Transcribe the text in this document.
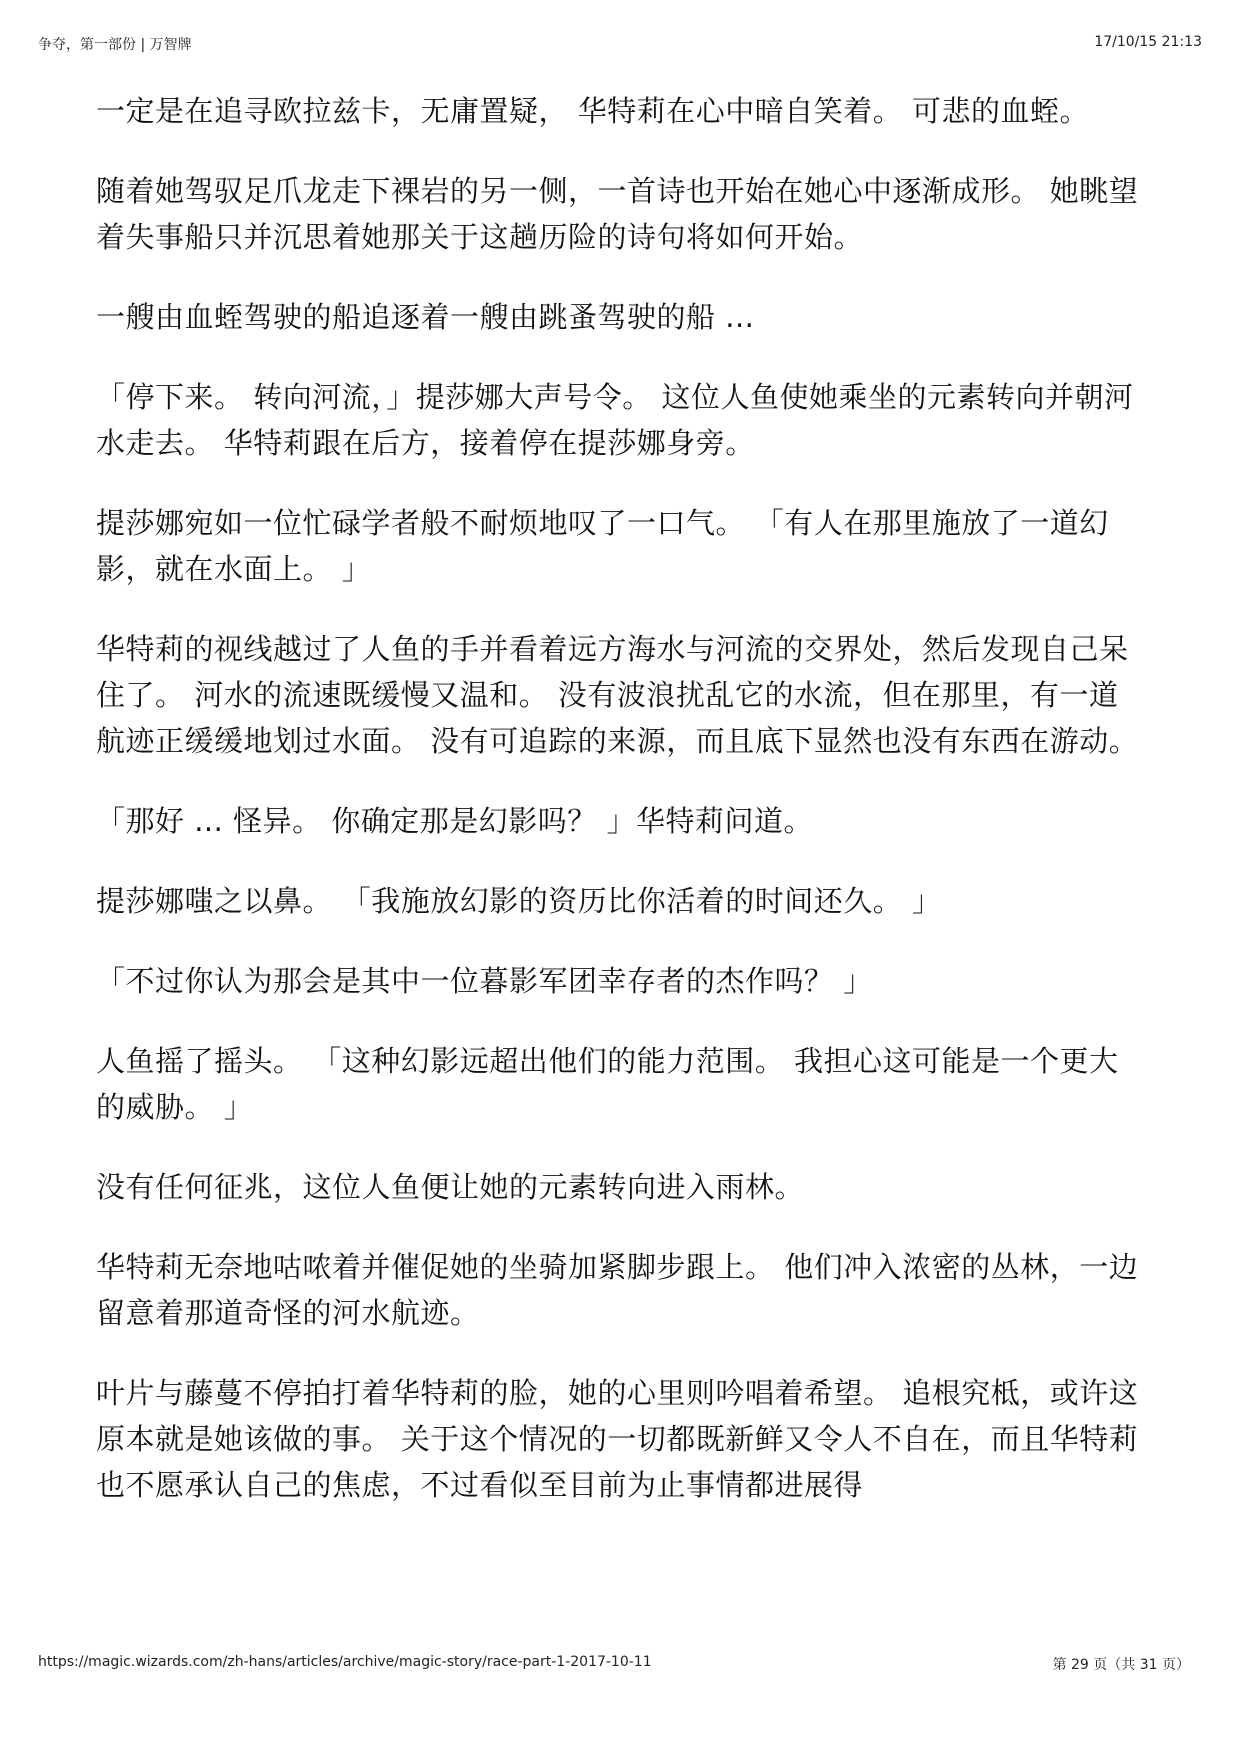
争夺，第一部份 | 万智牌	17/10/15 21:13

一定是在追寻欧拉兹卡，无庸置疑， 华特莉在心中暗自笑着。 可悲的血蛭。

随着她驾驭足爪龙走下裸岩的另一侧，一首诗也开始在她心中逐渐成形。 她眺望着失事船只并沉思着她那关于这趟历险的诗句将如何开始。

一艘由血蛭驾驶的船追逐着一艘由跳蚤驾驶的船 ...

「停下来。 转向河流，」提莎娜大声号令。 这位人鱼使她乘坐的元素转向并朝河水走去。 华特莉跟在后方，接着停在提莎娜身旁。

提莎娜宛如一位忙碌学者般不耐烦地叹了一口气。 「有人在那里施放了一道幻影，就在水面上。 」

华特莉的视线越过了人鱼的手并看着远方海水与河流的交界处，然后发现自己呆住了。 河水的流速既缓慢又温和。 没有波浪扰乱它的水流，但在那里，有一道航迹正缓缓地划过水面。 没有可追踪的来源，而且底下显然也没有东西在游动。

「那好 ... 怪异。 你确定那是幻影吗？ 」华特莉问道。

提莎娜嗤之以鼻。 「我施放幻影的资历比你活着的时间还久。 」

「不过你认为那会是其中一位暮影军团幸存者的杰作吗？ 」

人鱼摇了摇头。 「这种幻影远超出他们的能力范围。 我担心这可能是一个更大的威胁。 」

没有任何征兆，这位人鱼便让她的元素转向进入雨林。

华特莉无奈地咕哝着并催促她的坐骑加紧脚步跟上。 他们冲入浓密的丛林，一边留意着那道奇怪的河水航迹。

叶片与藤蔓不停拍打着华特莉的脸，她的心里则吟唱着希望。 追根究柢，或许这原本就是她该做的事。 关于这个情况的一切都既新鲜又令人不自在，而且华特莉也不愿承认自己的焦虑，不过看似至目前为止事情都进展得

https://magic.wizards.com/zh-hans/articles/archive/magic-story/race-part-1-2017-10-11	第 29 页（共 31 页）
